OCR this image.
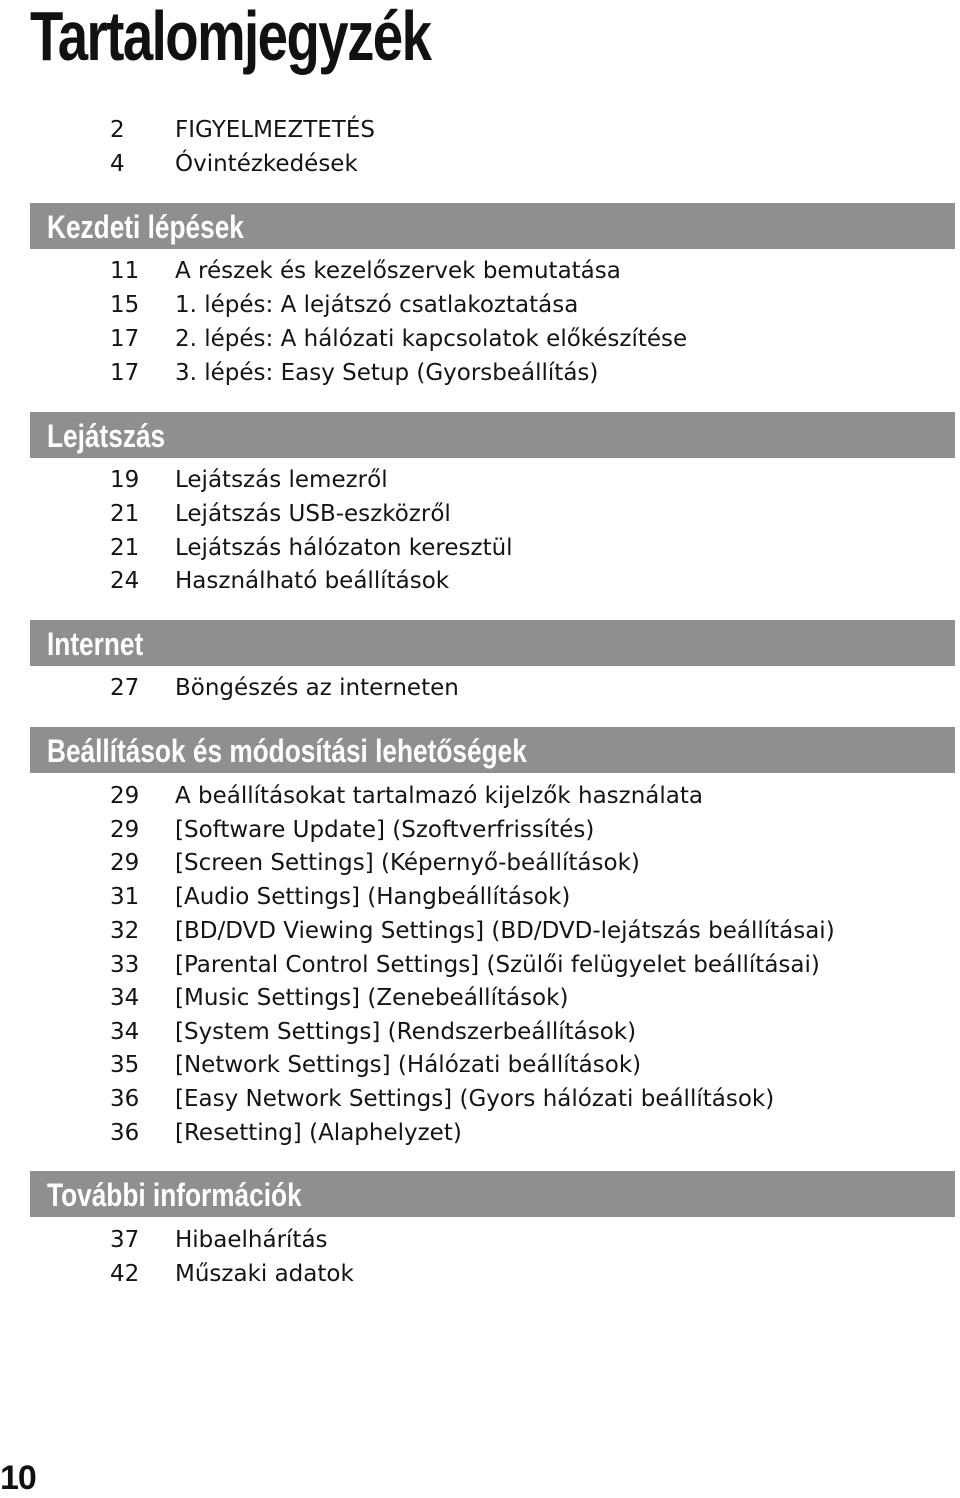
Tartalomjegyzék
2 FIGYELMEZTETÉS
4 Óvintézkedések
Kezdeti lépések
11 A részek és kezelőszervek bemutatása
15 1. lépés: A lejátszó csatlakoztatása
17 2. lépés: A hálózati kapcsolatok előkészítése
17 3. lépés: Easy Setup (Gyorsbeállítás)
Lejátszás
19 Lejátszás lemezről
21 Lejátszás USB-eszközről
21 Lejátszás hálózaton keresztül
24 Használható beállítások
Internet
27 Böngészés az interneten
Beállítások és módosítási lehetőségek
29 A beállításokat tartalmazó kijelzők használata
29 [Software Update] (Szoftverfrissítés)
29 [Screen Settings] (Képernyő-beállítások)
31 [Audio Settings] (Hangbeállítások)
32 [BD/DVD Viewing Settings] (BD/DVD-lejátszás beállításai)
33 [Parental Control Settings] (Szülői felügyelet beállításai)
34 [Music Settings] (Zenebeállítások)
34 [System Settings] (Rendszerbeállítások)
35 [Network Settings] (Hálózati beállítások)
36 [Easy Network Settings] (Gyors hálózati beállítások)
36 [Resetting] (Alaphelyzet)
További információk
37 Hibaelhárítás
42 Műszaki adatok
10
